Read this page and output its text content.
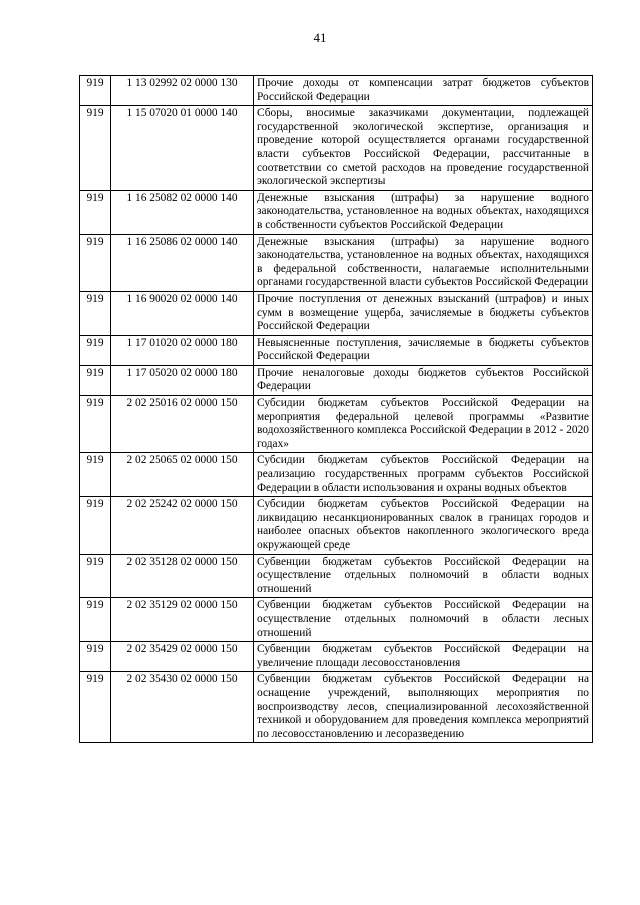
41
919	1 13 02992 02 0000 130	Прочие доходы от компенсации затрат бюджетов субъектов Российской Федерации
919	1 15 07020 01 0000 140	Сборы, вносимые заказчиками документации, подлежащей государственной экологической экспертизе, организация и проведение которой осуществляется органами государственной власти субъектов Российской Федерации, рассчитанные в соответствии со сметой расходов на проведение государственной экологической экспертизы
919	1 16 25082 02 0000 140	Денежные взыскания (штрафы) за нарушение водного законодательства, установленное на водных объектах, находящихся в собственности субъектов Российской Федерации
919	1 16 25086 02 0000 140	Денежные взыскания (штрафы) за нарушение водного законодательства, установленное на водных объектах, находящихся в федеральной собственности, налагаемые исполнительными органами государственной власти субъектов Российской Федерации
919	1 16 90020 02 0000 140	Прочие поступления от денежных взысканий (штрафов) и иных сумм в возмещение ущерба, зачисляемые в бюджеты субъектов Российской Федерации
919	1 17 01020 02 0000 180	Невыясненные поступления, зачисляемые в бюджеты субъектов Российской Федерации
919	1 17 05020 02 0000 180	Прочие неналоговые доходы бюджетов субъектов Российской Федерации
919	2 02 25016 02 0000 150	Субсидии бюджетам субъектов Российской Федерации на мероприятия федеральной целевой программы «Развитие водохозяйственного комплекса Российской Федерации в 2012 - 2020 годах»
919	2 02 25065 02 0000 150	Субсидии бюджетам субъектов Российской Федерации на реализацию государственных программ субъектов Российской Федерации в области использования и охраны водных объектов
919	2 02 25242 02 0000 150	Субсидии бюджетам субъектов Российской Федерации на ликвидацию несанкционированных свалок в границах городов и наиболее опасных объектов накопленного экологического вреда окружающей среде
919	2 02 35128 02 0000 150	Субвенции бюджетам субъектов Российской Федерации на осуществление отдельных полномочий в области водных отношений
919	2 02 35129 02 0000 150	Субвенции бюджетам субъектов Российской Федерации на осуществление отдельных полномочий в области лесных отношений
919	2 02 35429 02 0000 150	Субвенции бюджетам субъектов Российской Федерации на увеличение площади лесовосстановления
919	2 02 35430 02 0000 150	Субвенции бюджетам субъектов Российской Федерации на оснащение учреждений, выполняющих мероприятия по воспроизводству лесов, специализированной лесохозяйственной техникой и оборудованием для проведения комплекса мероприятий по лесовосстановлению и лесоразведению
